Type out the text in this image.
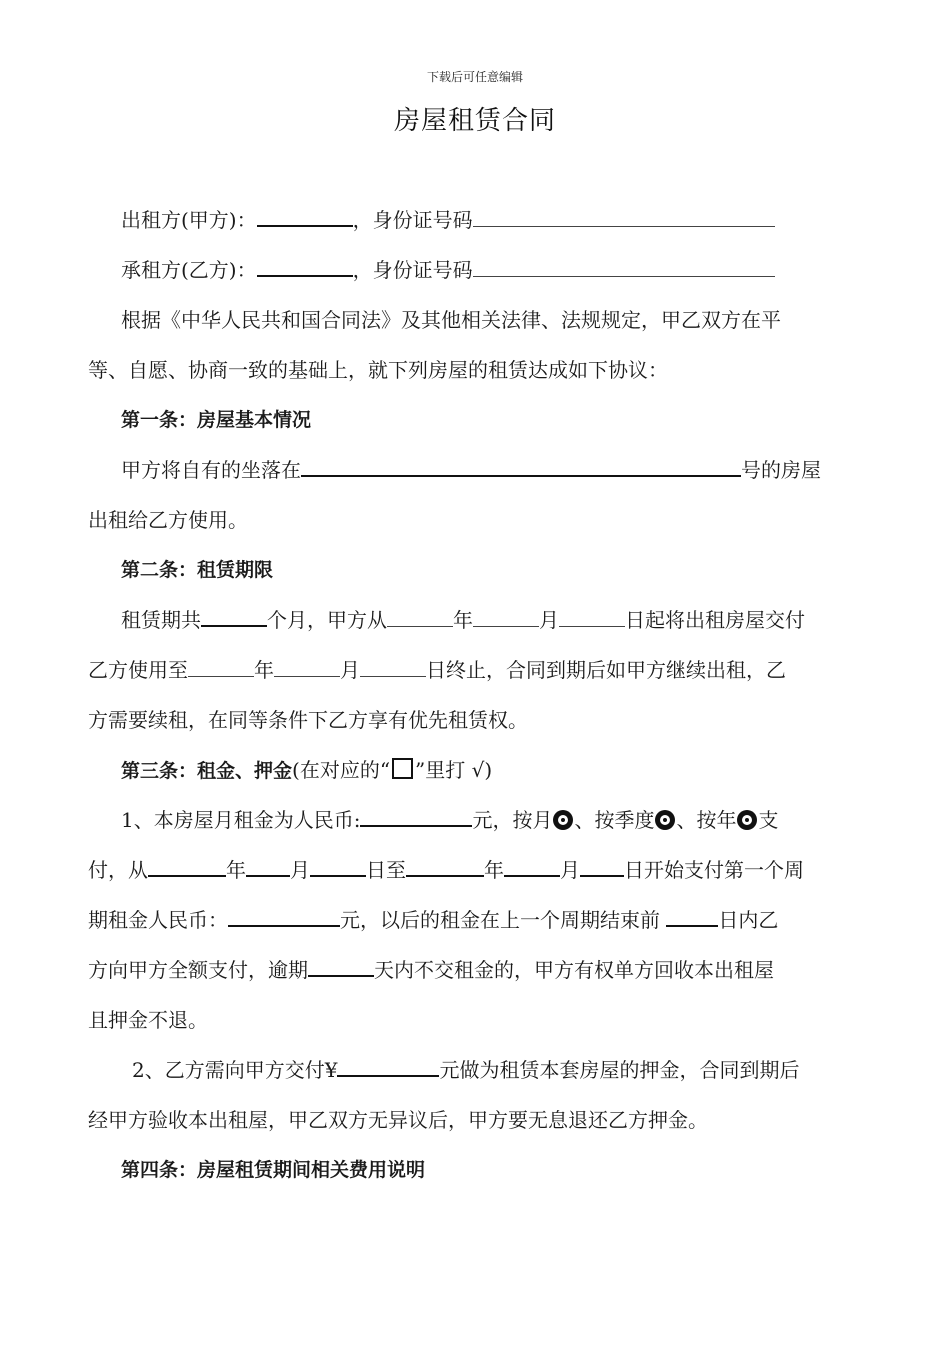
下载后可任意编辑
房屋租赁合同
出租方(甲方)：	，身份证号码
承租方(乙方)：	，身份证号码
根据《中华人民共和国合同法》及其他相关法律、法规规定，甲乙双方在平
等、自愿、协商一致的基础上，就下列房屋的租赁达成如下协议：
第一条：房屋基本情况
甲方将自有的坐落在	号的房屋
出租给乙方使用。
第二条：租赁期限
租赁期共	个月，甲方从	年	月	日起将出租房屋交付
乙方使用至	年	月	日终止，合同到期后如甲方继续出租，乙
方需要续租，在同等条件下乙方享有优先租赁权。
第三条：租金、押金(在对应的“ ”里打 √)
1、本房屋月租金为人民币:	元，按月 、按季度 、按年 支
付，从	年 月	日至	年	月 日开始支付第一个周
期租金人民币：	元，以后的租金在上一个周期结束前	日内乙
方向甲方全额支付，逾期	天内不交租金的，甲方有权单方回收本出租屋
且押金不退。
2、乙方需向甲方交付¥	元做为租赁本套房屋的押金，合同到期后
经甲方验收本出租屋，甲乙双方无异议后，甲方要无息退还乙方押金。
第四条：房屋租赁期间相关费用说明
